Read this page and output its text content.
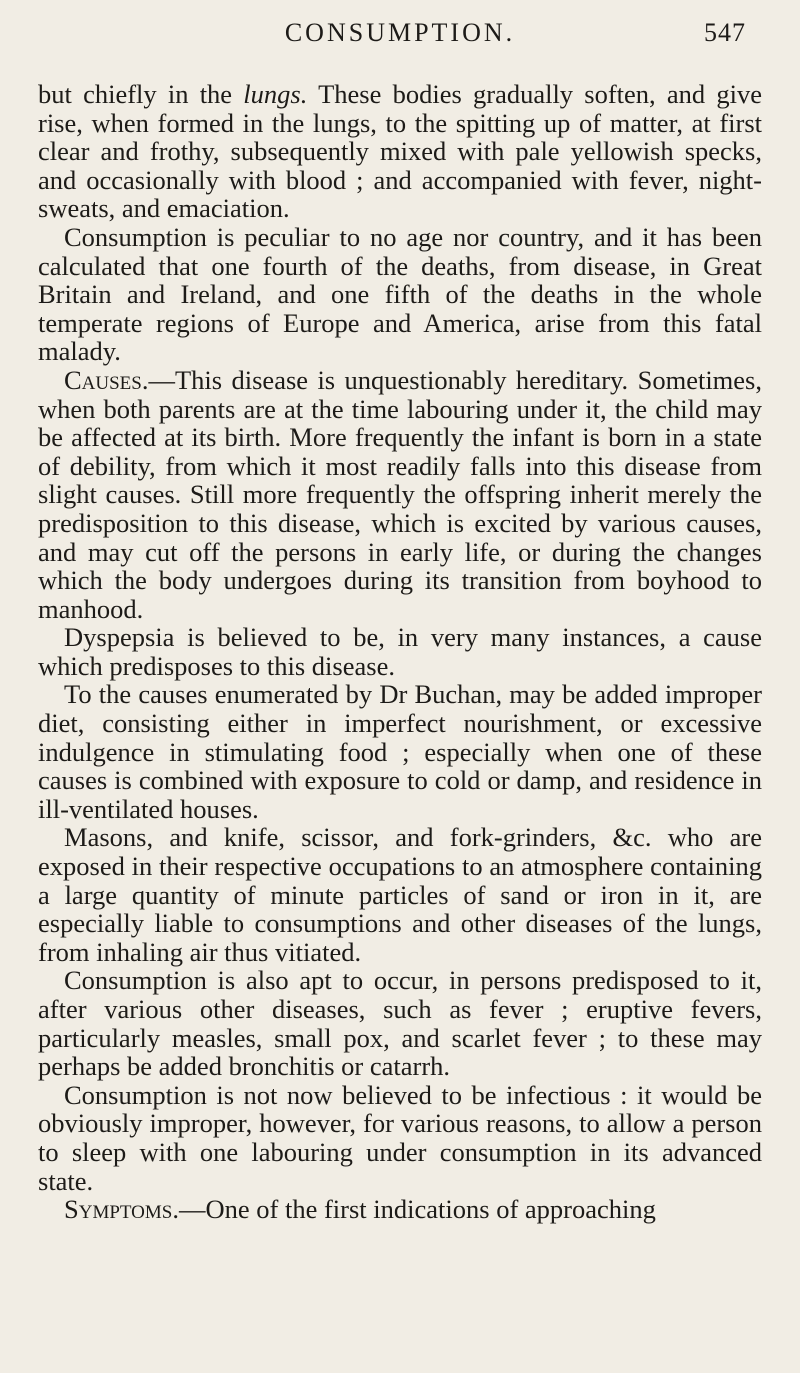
CONSUMPTION.	547

but chiefly in the lungs. These bodies gradually soften, and give rise, when formed in the lungs, to the spitting up of matter, at first clear and frothy, subsequently mixed with pale yellowish specks, and occasionally with blood ; and accompanied with fever, night-sweats, and emaciation.

Consumption is peculiar to no age nor country, and it has been calculated that one fourth of the deaths, from disease, in Great Britain and Ireland, and one fifth of the deaths in the whole temperate regions of Europe and America, arise from this fatal malady.

Causes.—This disease is unquestionably hereditary. Sometimes, when both parents are at the time labouring under it, the child may be affected at its birth. More frequently the infant is born in a state of debility, from which it most readily falls into this disease from slight causes. Still more frequently the offspring inherit merely the predisposition to this disease, which is excited by various causes, and may cut off the persons in early life, or during the changes which the body undergoes during its transition from boyhood to manhood.

Dyspepsia is believed to be, in very many instances, a cause which predisposes to this disease.

To the causes enumerated by Dr Buchan, may be added improper diet, consisting either in imperfect nourishment, or excessive indulgence in stimulating food ; especially when one of these causes is combined with exposure to cold or damp, and residence in ill-ventilated houses.

Masons, and knife, scissor, and fork-grinders, &c. who are exposed in their respective occupations to an atmosphere containing a large quantity of minute particles of sand or iron in it, are especially liable to consumptions and other diseases of the lungs, from inhaling air thus vitiated.

Consumption is also apt to occur, in persons predisposed to it, after various other diseases, such as fever ; eruptive fevers, particularly measles, small pox, and scarlet fever ; to these may perhaps be added bronchitis or catarrh.

Consumption is not now believed to be infectious : it would be obviously improper, however, for various reasons, to allow a person to sleep with one labouring under consumption in its advanced state.

Symptoms.—One of the first indications of approaching
